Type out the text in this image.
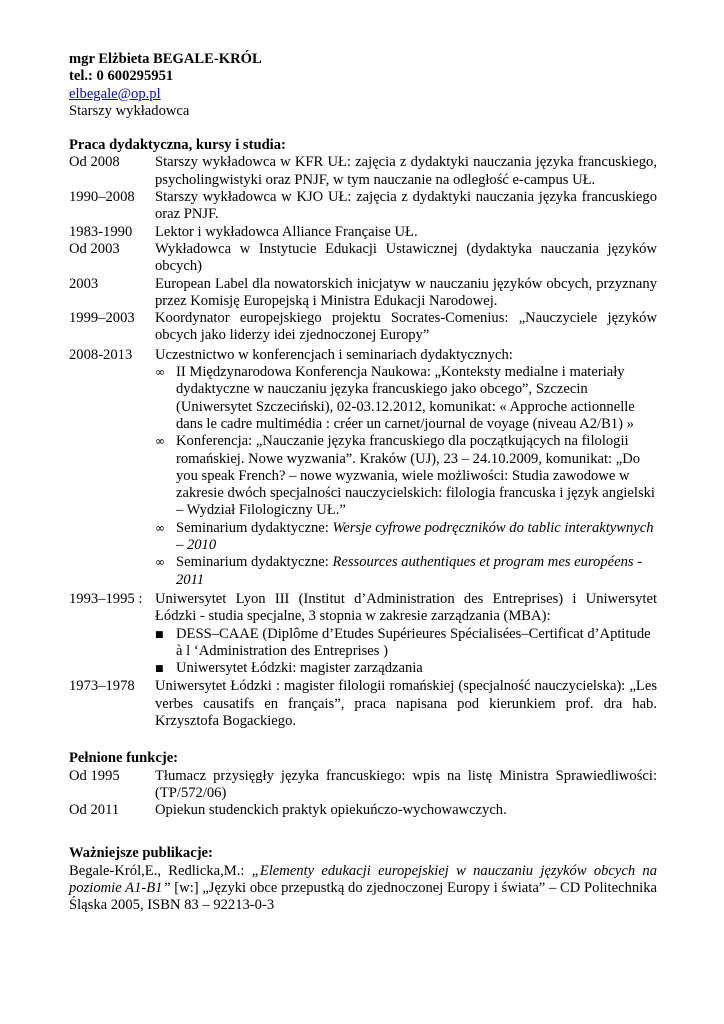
mgr Elżbieta BEGALE-KRÓL
tel.: 0 600295951
elbegale@op.pl
Starszy wykładowca
Praca dydaktyczna, kursy i studia:
Od 2008	Starszy wykładowca w KFR UŁ: zajęcia z dydaktyki nauczania języka francuskiego, psycholingwistyki oraz PNJF, w tym nauczanie na odległość e-campus UŁ.
1990–2008	Starszy wykładowca w KJO UŁ: zajęcia z dydaktyki nauczania języka francuskiego oraz PNJF.
1983-1990	Lektor i wykładowca Alliance Française UŁ.
Od 2003	Wykładowca w Instytucie Edukacji Ustawicznej (dydaktyka nauczania języków obcych)
2003	European Label dla nowatorskich inicjatyw w nauczaniu języków obcych, przyznany przez Komisję Europejską i Ministra Edukacji Narodowej.
1999–2003	Koordynator europejskiego projektu Socrates-Comenius: „Nauczyciele języków obcych jako liderzy idei zjednoczonej Europy”
2008-2013	Uczestnictwo w konferencjach i seminariach dydaktycznych:
∞ II Międzynarodowa Konferencja Naukowa: „Konteksty medialne i materiały dydaktyczne w nauczaniu języka francuskiego jako obcego”, Szczecin (Uniwersytet Szczeciński), 02-03.12.2012, komunikat: « Approche actionnelle dans le cadre multimédia : créer un carnet/journal de voyage (niveau A2/B1) »
∞ Konferencja: „Nauczanie języka francuskiego dla początkujących na filologii romańskiej. Nowe wyzwania”. Kraków (UJ), 23 – 24.10.2009, komunikat: „Do you speak French? – nowe wyzwania, wiele możliwości: Studia zawodowe w zakresie dwóch specjalności nauczycielskich: filologia francuska i język angielski – Wydział Filologiczny UŁ.”
∞ Seminarium dydaktyczne: Wersje cyfrowe podręczników do tablic interaktywnych – 2010
∞ Seminarium dydaktyczne: Ressources authentiques et program mes européens - 2011
1993–1995 : Uniwersytet Lyon III (Institut d’Administration des Entreprises) i Uniwersytet Łódzki - studia specjalne, 3 stopnia w zakresie zarządzania (MBA):
■ DESS–CAAE (Diplôme d’Etudes Supérieures Spécialisées–Certificat d’Aptitude à l ‘Administration des Entreprises )
■ Uniwersytet Łódzki: magister zarządzania
1973–1978	Uniwersytet Łódzki : magister filologii romańskiej (specjalność nauczycielska): „Les verbes causatifs en français”, praca napisana pod kierunkiem prof. dra hab. Krzysztofa Bogackiego.
Pełnione funkcje:
Od 1995	Tłumacz przysięgły języka francuskiego: wpis na listę Ministra Sprawiedliwości: (TP/572/06)
Od 2011	Opiekun studenckich praktyk opiekuńczo-wychowawczych.
Ważniejsze publikacje:
Begale-Król,E., Redlicka,M.: „Elementy edukacji europejskiej w nauczaniu języków obcych na poziomie A1-B1” [w:] „Języki obce przepustką do zjednoczonej Europy i świata” – CD Politechnika Śląska 2005, ISBN 83 – 92213-0-3
